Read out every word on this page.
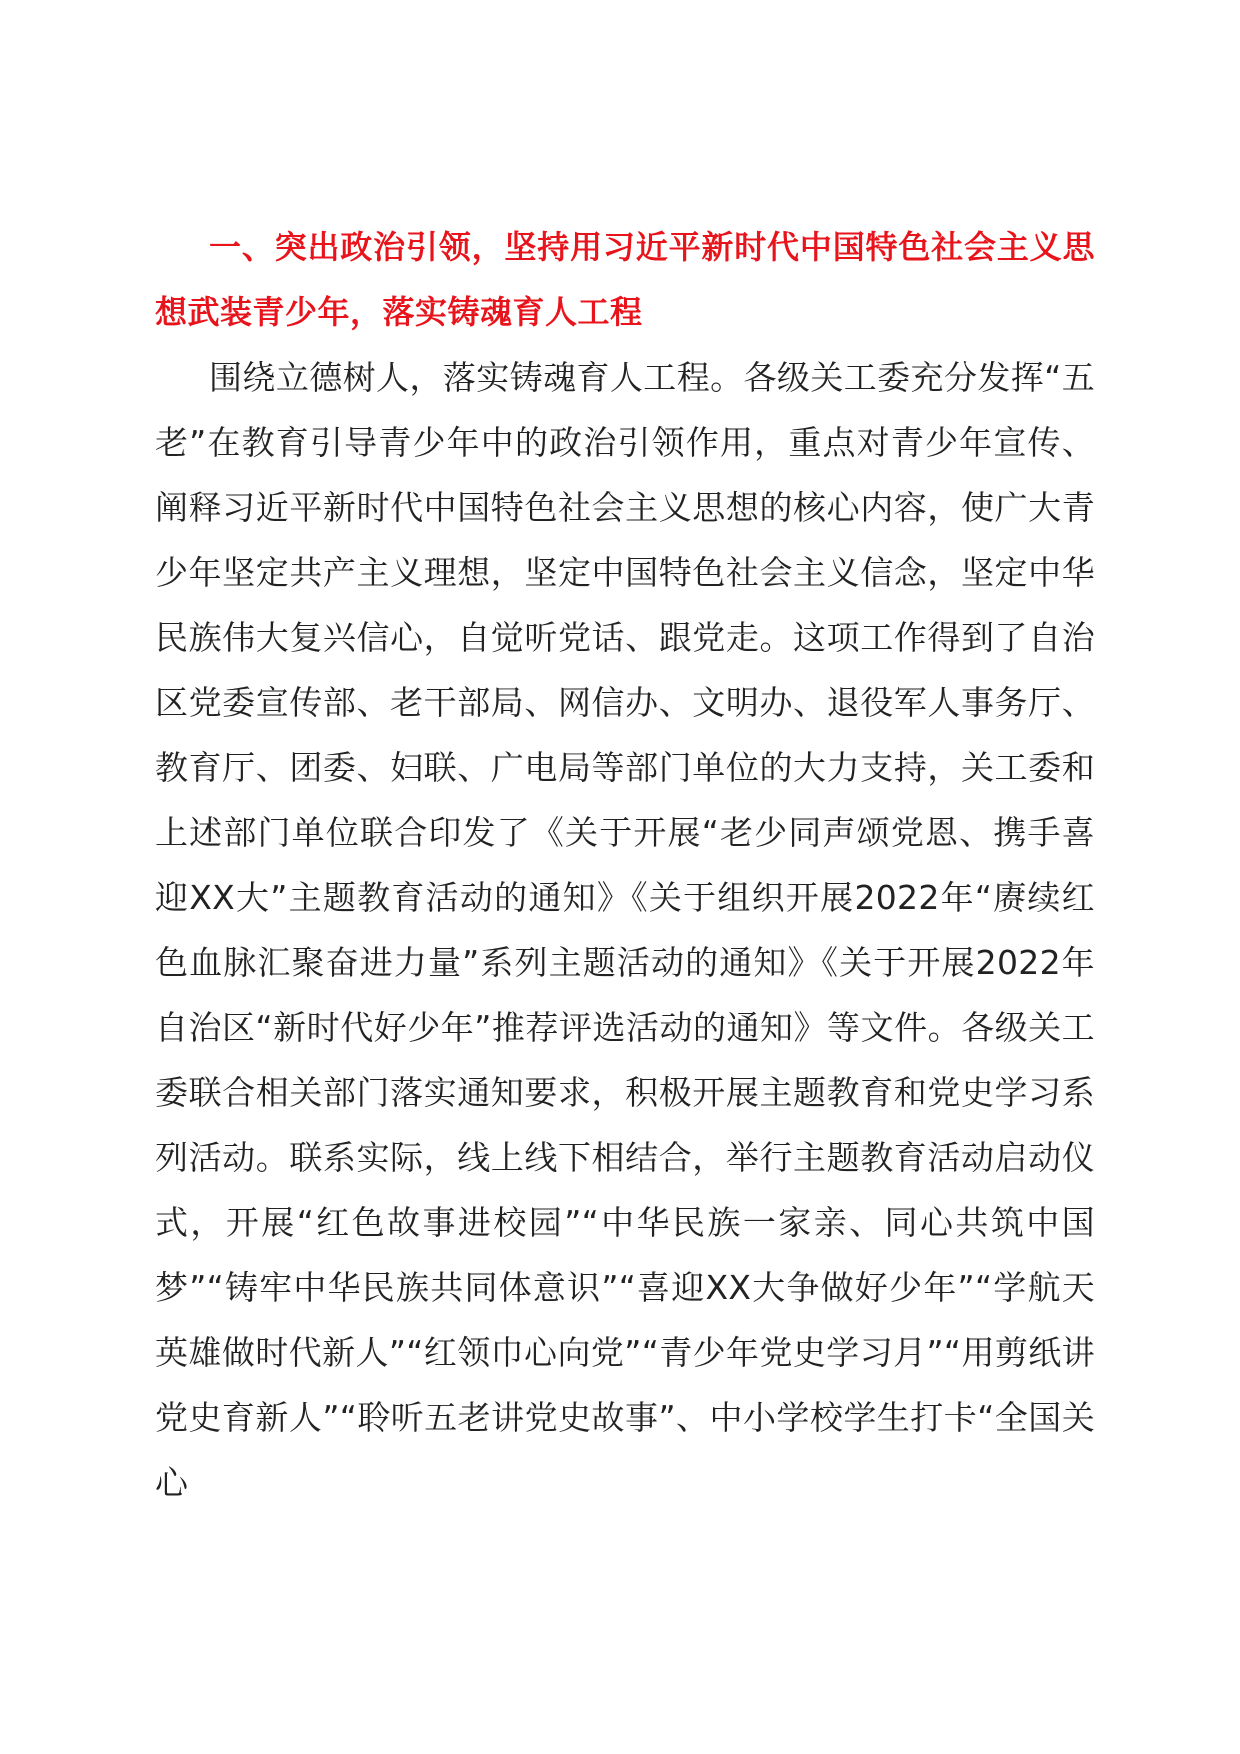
一、突出政治引领，坚持用习近平新时代中国特色社会主义思想武装青少年，落实铸魂育人工程

围绕立德树人，落实铸魂育人工程。各级关工委充分发挥“五老”在教育引导青少年中的政治引领作用，重点对青少年宣传、阐释习近平新时代中国特色社会主义思想的核心内容，使广大青少年坚定共产主义理想，坚定中国特色社会主义信念，坚定中华民族伟大复兴信心，自觉听党话、跟党走。这项工作得到了自治区党委宣传部、老干部局、网信办、文明办、退役军人事务厅、教育厅、团委、妇联、广电局等部门单位的大力支持，关工委和上述部门单位联合印发了《关于开展“老少同声颂党恩、携手喜迎XX大”主题教育活动的通知》《关于组织开展2022年“赓续红色血脉汇聚奋进力量”系列主题活动的通知》《关于开展2022年自治区“新时代好少年”推荐评选活动的通知》等文件。各级关工委联合相关部门落实通知要求，积极开展主题教育和党史学习系列活动。联系实际，线上线下相结合，举行主题教育活动启动仪式，开展“红色故事进校园”“中华民族一家亲、同心共筑中国梦”“铸牢中华民族共同体意识”“喜迎XX大争做好少年”“学航天英雄做时代新人”“红领巾心向党”“青少年党史学习月”“用剪纸讲党史育新人”“聆听五老讲党史故事”、中小学校学生打卡“全国关心
